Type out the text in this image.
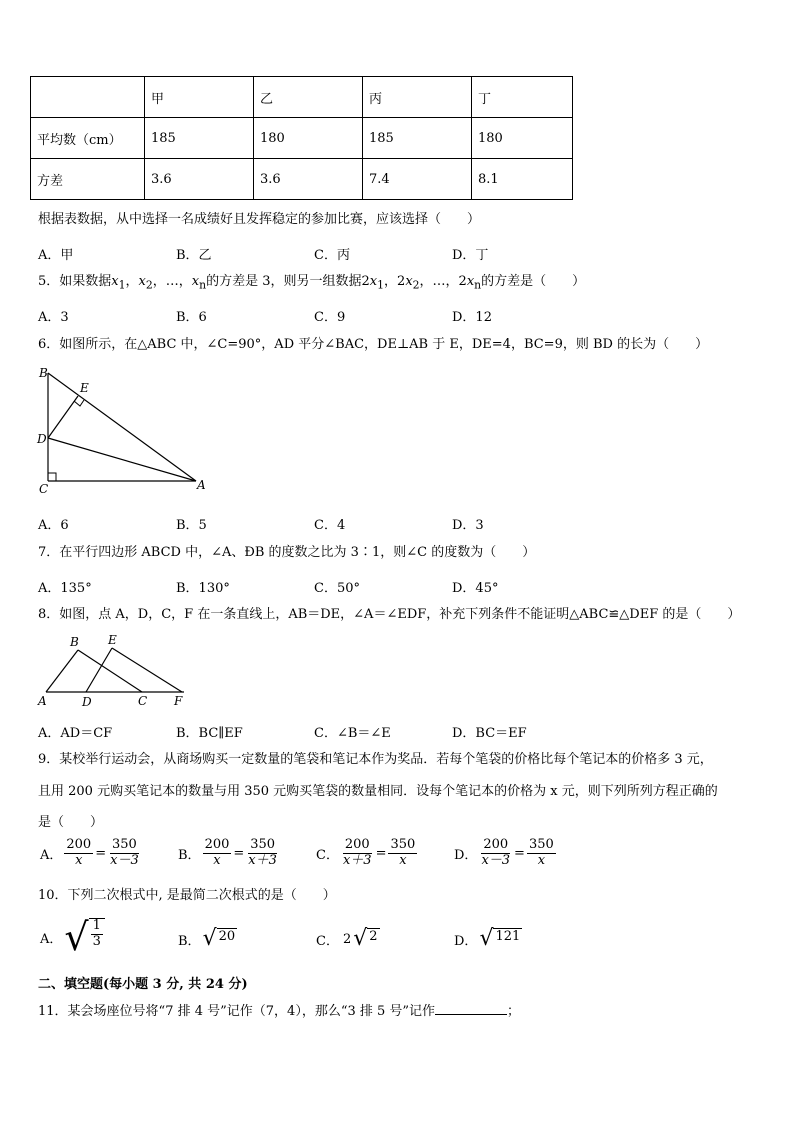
	甲	乙	丙	丁
平均数（cm）	185	180	185	180
方差	3.6	3.6	7.4	8.1
根据表数据，从中选择一名成绩好且发挥稳定的参加比赛，应该选择（　　）
A．甲	B．乙	C．丙	D．丁
5．如果数据$x_1$，$x_2$，…，$x_n$的方差是 3，则另一组数据$2x_1$，$2x_2$，…，$2x_n$的方差是（　　）
A．3	B．6	C．9	D．12
6．如图所示，在△ABC 中，∠C=90°，AD 平分∠BAC，DE⊥AB 于 E，DE=4，BC=9，则 BD 的长为（　　）
B
E
D
C	A
A．6	B．5	C．4	D．3
7．在平行四边形 ABCD 中，∠A、ÐB 的度数之比为 3∶1，则∠C 的度数为（　　）
A．135°	B．130°	C．50°	D．45°
8．如图，点 A，D，C，F 在一条直线上，AB＝DE，∠A＝∠EDF，补充下列条件不能证明△ABC≌△DEF 的是（　　）
B E
A	D	C F
A．AD＝CF	B．BC∥EF	C．∠B＝∠E	D．BC＝EF
9．某校举行运动会，从商场购买一定数量的笔袋和笔记本作为奖品．若每个笔袋的价格比每个笔记本的价格多 3 元，
且用 200 元购买笔记本的数量与用 350 元购买笔袋的数量相同．设每个笔记本的价格为 x 元，则下列所列方程正确的
是（　　）
A． $\frac{200}{x} = \frac{350}{x-3}$	B． $\frac{200}{x} = \frac{350}{x+3}$	C． $\frac{200}{x+3} = \frac{350}{x}$	D． $\frac{200}{x-3} = \frac{350}{x}$
10．下列二次根式中, 是最简二次根式的是（　　）
A． √ $\frac{1}{3}$	B． √ 20	C． 2 √ 2	D． √ 121
二、填空题(每小题 3 分, 共 24 分)
11．某会场座位号将“7 排 4 号”记作（7，4），那么“3 排 5 号”记作	；
